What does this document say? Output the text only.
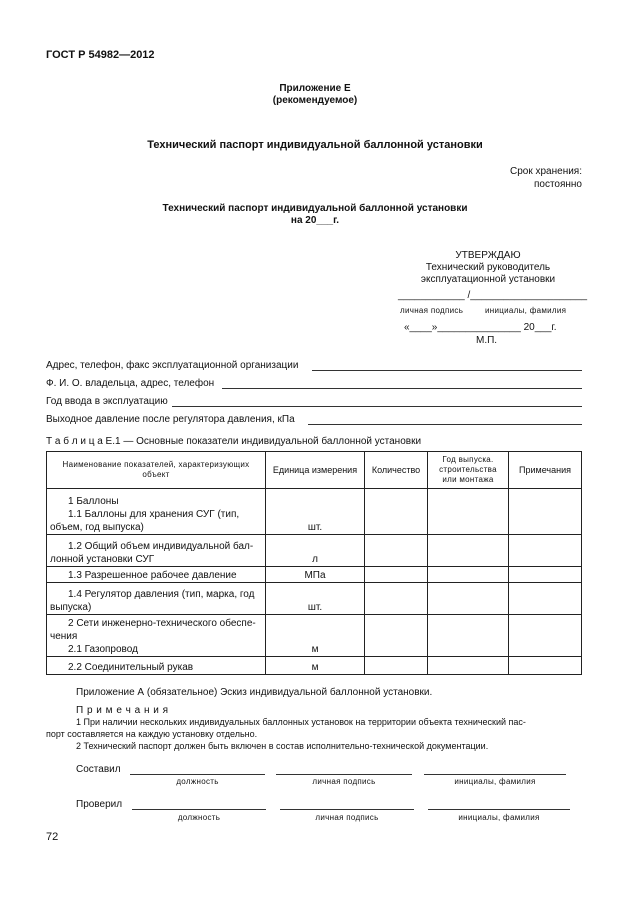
ГОСТ Р 54982—2012
Приложение Е
(рекомендуемое)
Технический паспорт индивидуальной баллонной установки
Срок хранения:
постоянно
Технический паспорт индивидуальной баллонной установки
на 20___г.
УТВЕРЖДАЮ
Технический руководитель
эксплуатационной установки
____________ /_____________________
личная подпись	инициалы, фамилия
«____»_______________ 20___г.
М.П.
Адрес, телефон, факс эксплуатационной организации
Ф. И. О. владельца, адрес, телефон
Год ввода в эксплуатацию
Выходное давление после регулятора давления, кПа
Т а б л и ц а Е.1 — Основные показатели индивидуальной баллонной установки
Наименование показателей, характеризующих объект	Единица измерения	Количество	Год выпуска. строительства или монтажа	Примечания

1 Баллоны
1.1 Баллоны для хранения СУГ (тип,
объем, год выпуска)	шт.			

1.2 Общий объем индивидуальной бал-
лонной установки СУГ	л			

1.3 Разрешенное рабочее давление	МПа			

1.4 Регулятор давления (тип, марка, год
выпуска)	шт.			

2 Сети инженерно-технического обеспе-
чения
2.1 Газопровод	м			

2.2 Соединительный рукав	м			
Приложение А (обязательное) Эскиз индивидуальной баллонной установки.
П р и м е ч а н и я
1 При наличии нескольких индивидуальных баллонных установок на территории объекта технический пас-
порт составляется на каждую установку отдельно.
2 Технический паспорт должен быть включен в состав исполнительно-технической документации.
Составил
должность	личная подпись	инициалы, фамилия
Проверил
должность	личная подпись	инициалы, фамилия
72
